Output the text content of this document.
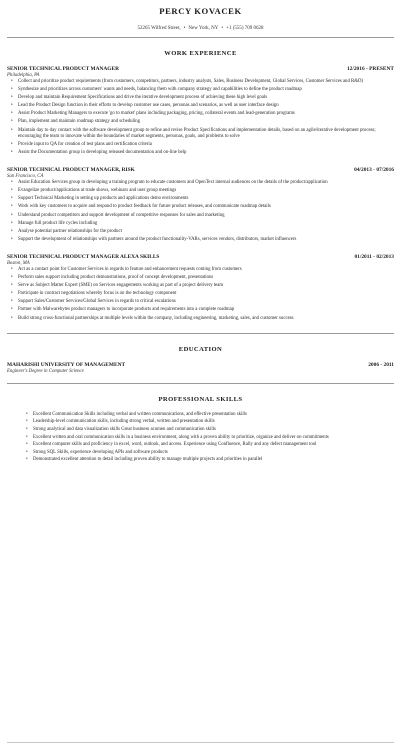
PERCY KOVACEK
52265 Wilfred Street, • New York, NY • +1 (555) 709 0628
WORK EXPERIENCE
SENIOR TECHNICAL PRODUCT MANAGER	12/2016 - PRESENT
Philadelphia, PA
• Collect and prioritize product requirements (from customers, competitors, partners, industry analysts, Sales, Business Development, Global Services, Customer Services and R&D)
• Synthesize and prioritizes across customers' wants and needs, balancing them with company strategy and capabilities to define the product roadmap
• Develop and maintain Requirement Specifications and drive the iterative development process of achieving these high level goals
• Lead the Product Design function in their efforts to develop customer use cases, personas and scenarios, as well as user interface design
• Assist Product Marketing Managers to execute 'go to market' plans including packaging, pricing, collateral events and lead-generation programs
• Plan, implement and maintain roadmap strategy and scheduling
• Maintain day to day contact with the software development group to refine and revise Product Specifications and implementation details, based on an agile/iterative development process; encouraging the team to innovate within the boundaries of market segments, personas, goals, and problems to solve
• Provide input to QA for creation of test plans and certification criteria
• Assist the Documentation group in developing released documentation and on-line help
SENIOR TECHNICAL PRODUCT MANAGER, RISK	04/2013 - 07/2016
San Francisco, CA
• Assist Education Services group in developing a training program to educate customers and OpenText internal audiences on the details of the product/application
• Evangelize product/applications at trade shows, webinars and user group meetings
• Support Technical Marketing in setting up products and applications demo environments
• Work with key customers to acquire and respond to product feedback for future product releases, and communicate roadmap details
• Understand product competitors and support development of competitive responses for sales and marketing
• Manage full product life cycles including
• Analyse potential partner relationships for the product
• Support the development of relationships with partners around the product functionality-VARs, services vendors, distributors, market influencers
SENIOR TECHNICAL PRODUCT MANAGER ALEXA SKILLS	01/2011 - 02/2013
Boston, MA
• Act as a contact point for Customer Services in regards to feature and enhancement requests coming from customers
• Perform sales support including product demonstrations, proof of concept development, presentations
• Serve as Subject Matter Expert (SME) on Services engagements working as part of a project delivery team
• Participate in contract negotiations whereby focus is on the technology component
• Support Sales/Customer Services/Global Services in regards to critical escalations
• Partner with Malwarebytes product managers to incorporate products and requirements into a complete roadmap
• Build strong cross-functional partnerships at multiple levels within the company, including engineering, marketing, sales, and customer success
EDUCATION
MAHARISHI UNIVERSITY OF MANAGEMENT	2006 - 2011
Engineer's Degree in Computer Science
PROFESSIONAL SKILLS
• Excellent Communication Skills including verbal and written communications, and effective presentation skills
• Leadership-level communication skills, including strong verbal, written and presentation skills
• Strong analytical and data visualization skills Great business acumen and communication skills
• Excellent written and oral communication skills in a business environment, along with a proven ability to prioritize, organize and deliver on commitments
• Excellent computer skills and proficiency in excel, word, outlook, and access. Experience using Confluence, Rally and any defect management tool
• Strong SQL Skills, experience developing APIs and software products
• Demonstrated excellent attention to detail including proven ability to manage multiple projects and priorities in parallel
